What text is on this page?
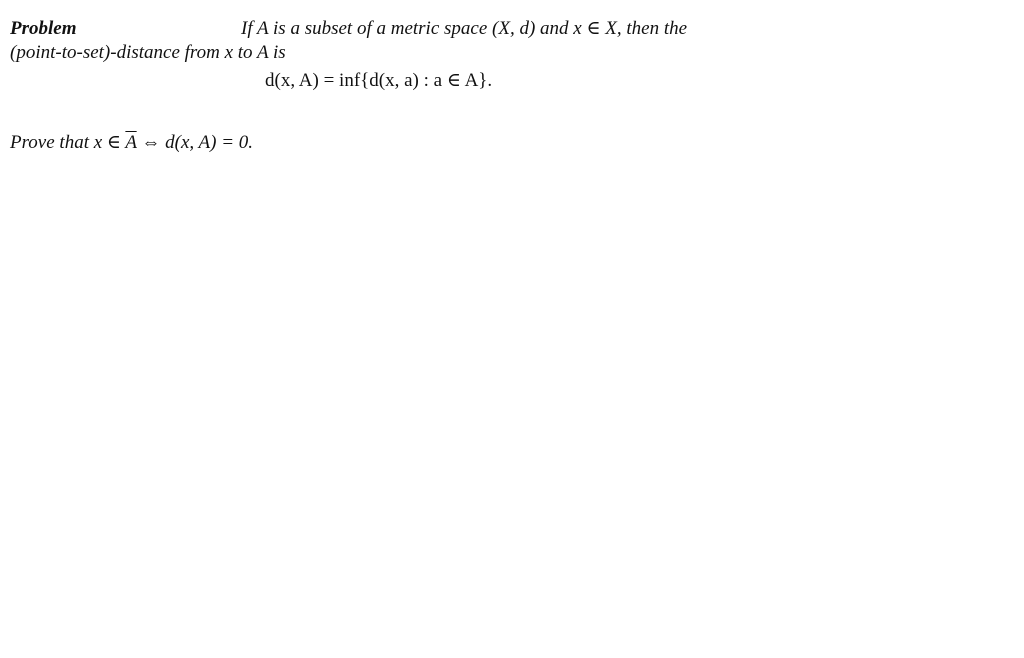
Problem	If A is a subset of a metric space (X, d) and x ∈ X, then the
(point-to-set)-distance from x to A is
d(x, A) = inf{d(x, a) : a ∈ A}.
Prove that x ∈ $\overline{A}$ ⇔ d(x, A) = 0.
